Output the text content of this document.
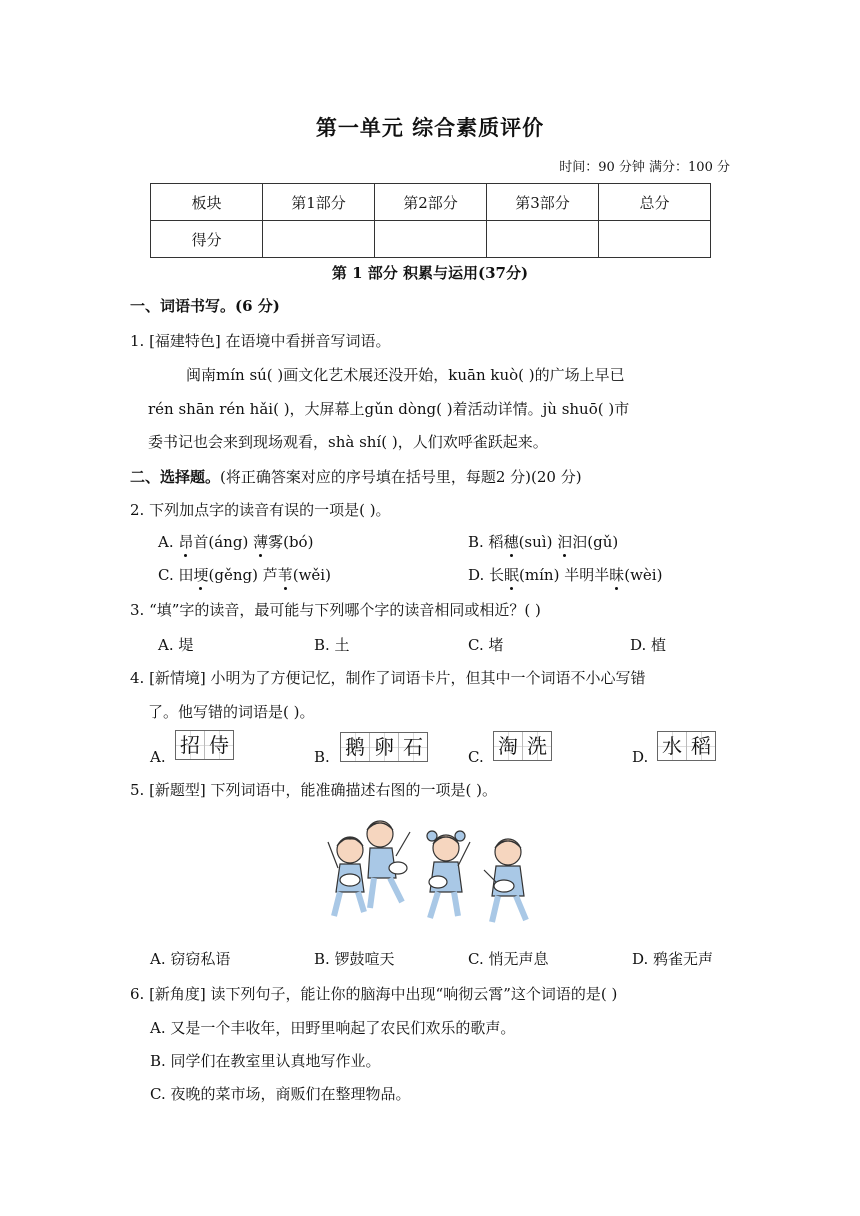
第一单元 综合素质评价
时间：90 分钟 满分：100 分
板块	第1部分	第2部分	第3部分	总分
得分				
第 1 部分 积累与运用(37分)
一、词语书写。(6 分)
1. [福建特色] 在语境中看拼音写词语。
闽南mín sú( )画文化艺术展还没开始，kuān kuò( )的广场上早已
rén shān rén hǎi( )，大屏幕上gǔn dòng( )着活动详情。jù shuō( )市
委书记也会来到现场观看，shà shí( )，人们欢呼雀跃起来。
二、选择题。(将正确答案对应的序号填在括号里，每题2 分)(20 分)
2. 下列加点字的读音有误的一项是( )。
A. 昂首(áng) 薄雾(bó)	B. 稻穗(suì) 汩汩(gǔ)
C. 田埂(gěng) 芦苇(wěi)	D. 长眠(mín) 半明半昧(wèi)
3. “填”字的读音，最可能与下列哪个字的读音相同或相近？( )
A. 堤	B. 土	C. 堵	D. 植
4. [新情境] 小明为了方便记忆，制作了词语卡片，但其中一个词语不小心写错
了。他写错的词语是( )。
A. 招 侍	B. 鹅 卵 石	C. 淘 洗	D. 水 稻
5. [新题型] 下列词语中，能准确描述右图的一项是( )。
A. 窃窃私语	B. 锣鼓喧天	C. 悄无声息	D. 鸦雀无声
6. [新角度] 读下列句子，能让你的脑海中出现“响彻云霄”这个词语的是( )
A. 又是一个丰收年，田野里响起了农民们欢乐的歌声。
B. 同学们在教室里认真地写作业。
C. 夜晚的菜市场，商贩们在整理物品。
